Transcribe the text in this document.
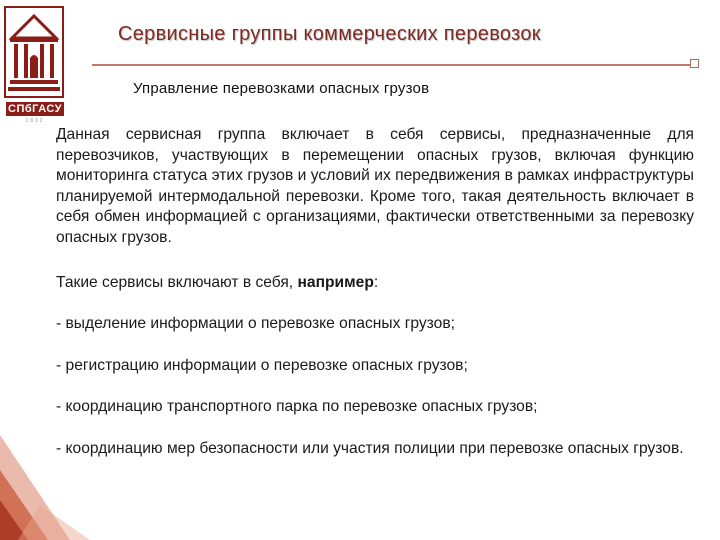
СПбГАСУ
1832
Сервисные группы коммерческих перевозок
Управление перевозками опасных грузов

Данная сервисная группа включает в себя сервисы, предназначенные для перевозчиков, участвующих в перемещении опасных грузов, включая функцию мониторинга статуса этих грузов и условий их передвижения в рамках инфраструктуры планируемой интермодальной перевозки. Кроме того, такая деятельность включает в себя обмен информацией с организациями, фактически ответственными за перевозку опасных грузов.

Такие сервисы включают в себя, например:

- выделение информации о перевозке опасных грузов;

- регистрацию информации о перевозке опасных грузов;

- координацию транспортного парка по перевозке опасных грузов;

- координацию мер безопасности или участия полиции при перевозке опасных грузов.
